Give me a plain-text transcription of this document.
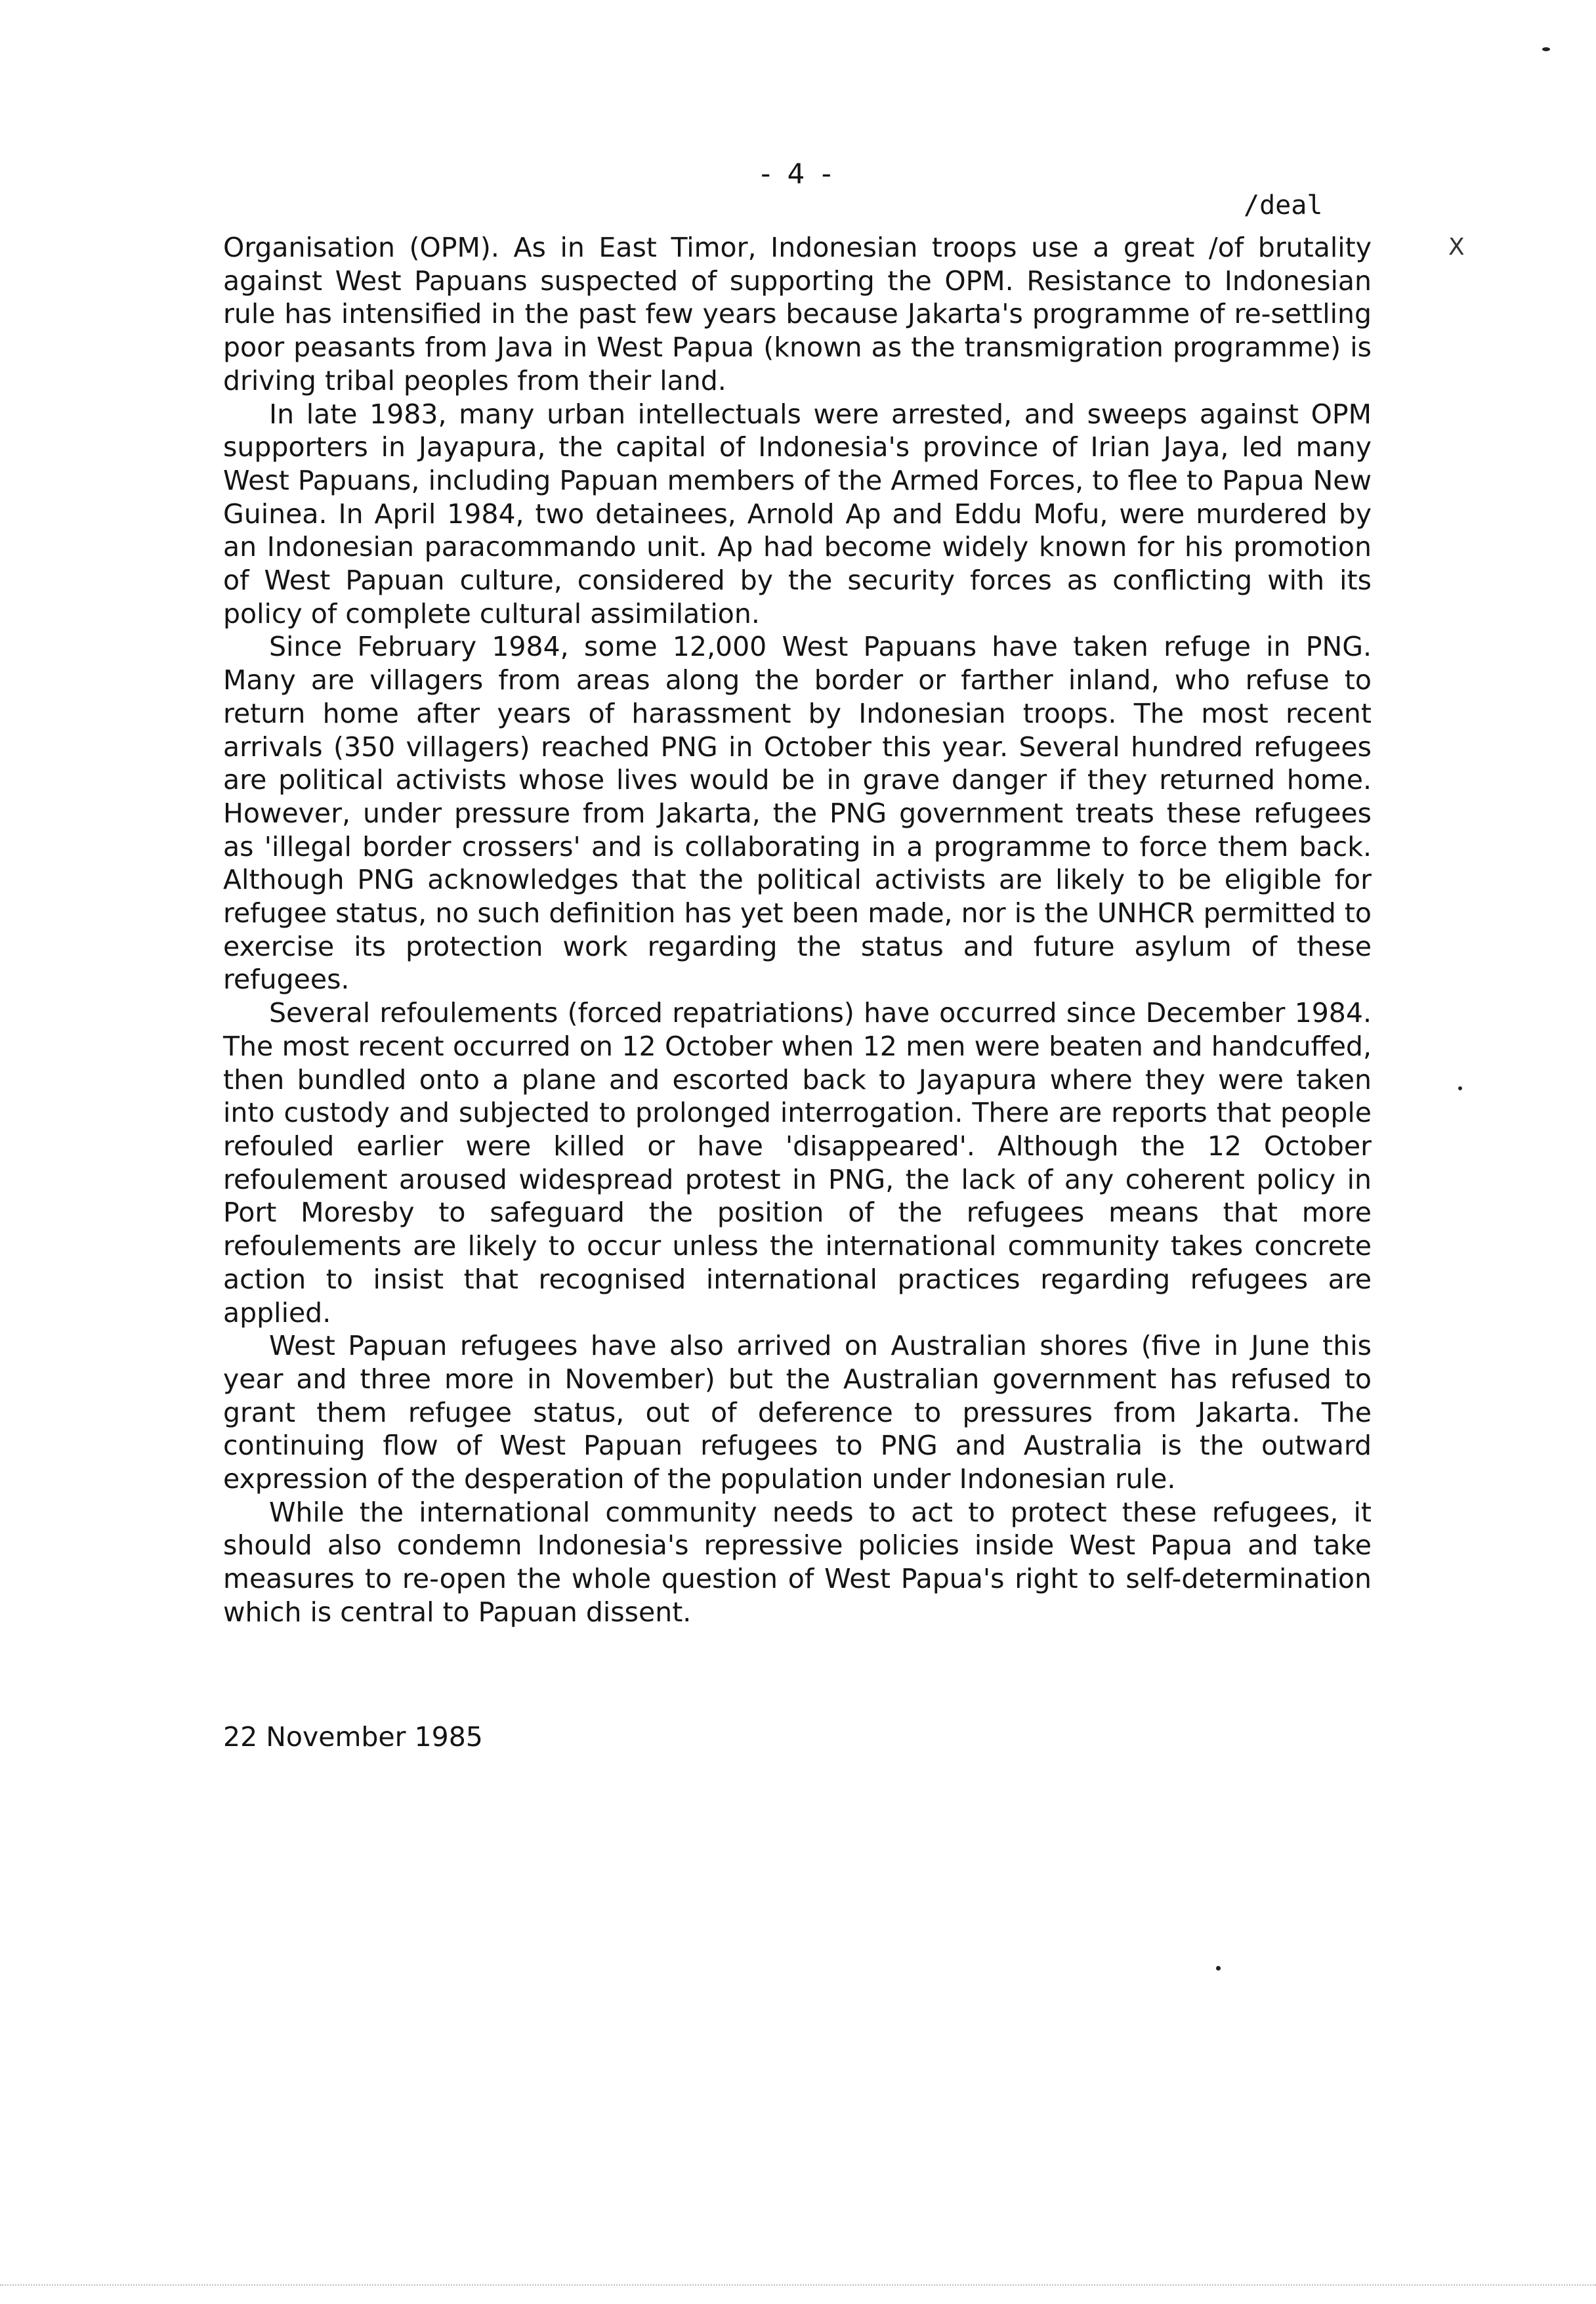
- 4 -
/deal
X

Organisation (OPM). As in East Timor, Indonesian troops use a great /of brutality against West Papuans suspected of supporting the OPM. Resistance to Indonesian rule has intensified in the past few years because Jakarta's programme of re-settling poor peasants from Java in West Papua (known as the transmigration programme) is driving tribal peoples from their land.

In late 1983, many urban intellectuals were arrested, and sweeps against OPM supporters in Jayapura, the capital of Indonesia's province of Irian Jaya, led many West Papuans, including Papuan members of the Armed Forces, to flee to Papua New Guinea. In April 1984, two detainees, Arnold Ap and Eddu Mofu, were murdered by an Indonesian paracommando unit. Ap had become widely known for his promotion of West Papuan culture, considered by the security forces as conflicting with its policy of complete cultural assimilation.

Since February 1984, some 12,000 West Papuans have taken refuge in PNG. Many are villagers from areas along the border or farther inland, who refuse to return home after years of harassment by Indonesian troops. The most recent arrivals (350 villagers) reached PNG in October this year. Several hundred refugees are political activists whose lives would be in grave danger if they returned home. However, under pressure from Jakarta, the PNG government treats these refugees as 'illegal border crossers' and is collaborating in a programme to force them back. Although PNG acknowledges that the political activists are likely to be eligible for refugee status, no such definition has yet been made, nor is the UNHCR permitted to exercise its protection work regarding the status and future asylum of these refugees.

Several refoulements (forced repatriations) have occurred since December 1984. The most recent occurred on 12 October when 12 men were beaten and handcuffed, then bundled onto a plane and escorted back to Jayapura where they were taken into custody and subjected to prolonged interrogation. There are reports that people refouled earlier were killed or have 'disappeared'. Although the 12 October refoulement aroused widespread protest in PNG, the lack of any coherent policy in Port Moresby to safeguard the position of the refugees means that more refoulements are likely to occur unless the international community takes concrete action to insist that recognised international practices regarding refugees are applied.

West Papuan refugees have also arrived on Australian shores (five in June this year and three more in November) but the Australian government has refused to grant them refugee status, out of deference to pressures from Jakarta. The continuing flow of West Papuan refugees to PNG and Australia is the outward expression of the desperation of the population under Indonesian rule.

While the international community needs to act to protect these refugees, it should also condemn Indonesia's repressive policies inside West Papua and take measures to re-open the whole question of West Papua's right to self-determination which is central to Papuan dissent.

22 November 1985
